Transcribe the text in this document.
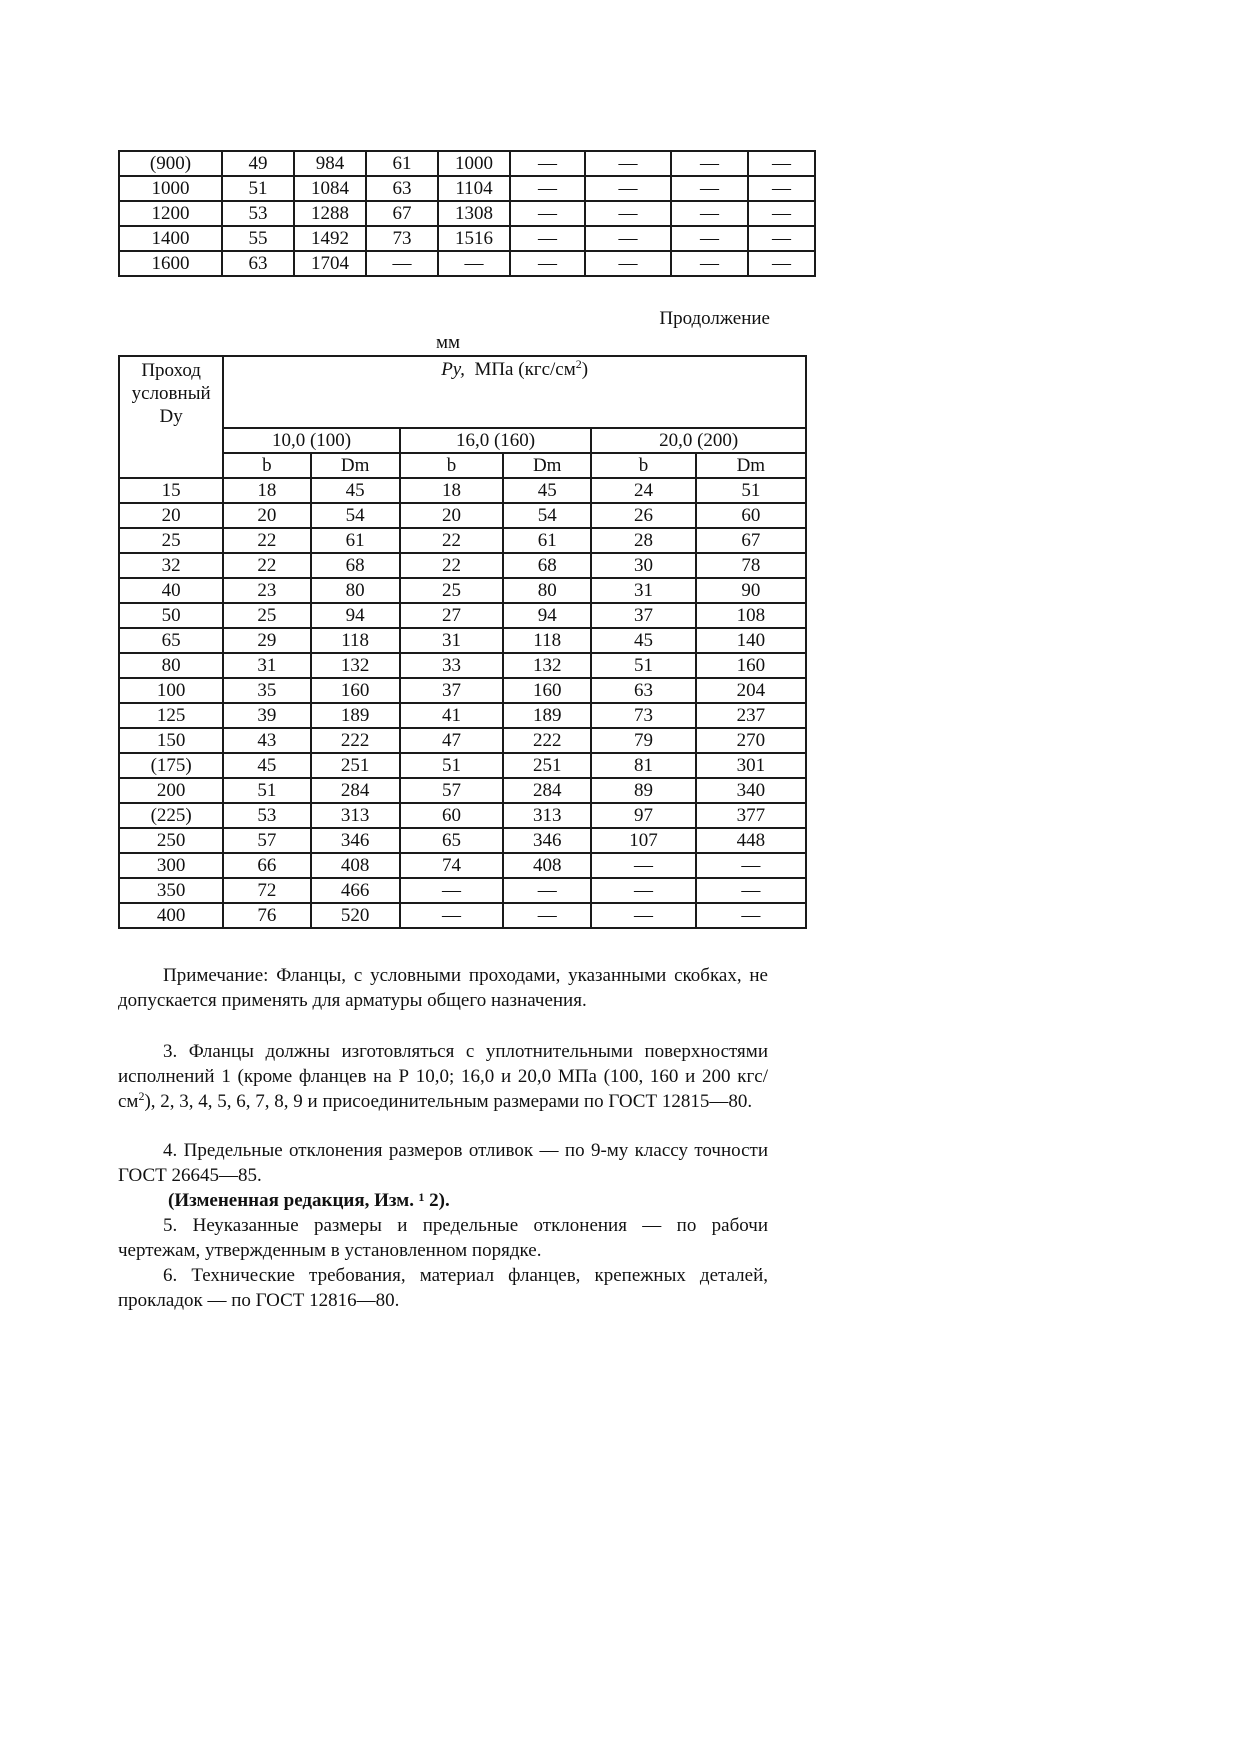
(900)	49	984	61	1000	—	—	—	—
1000	51	1084	63	1104	—	—	—	—
1200	53	1288	67	1308	—	—	—	—
1400	55	1492	73	1516	—	—	—	—
1600	63	1704	—	—	—	—	—	—
Продолжение
мм
Проход
условный
Dy	Py, МПа $(кгс/см^2)$					
	10,0 (100)		16,0 (160)		20,0 (200)	
	b	Dm	b	Dm	b	Dm
15	18	45	18	45	24	51
20	20	54	20	54	26	60
25	22	61	22	61	28	67
32	22	68	22	68	30	78
40	23	80	25	80	31	90
50	25	94	27	94	37	108
65	29	118	31	118	45	140
80	31	132	33	132	51	160
100	35	160	37	160	63	204
125	39	189	41	189	73	237
150	43	222	47	222	79	270
(175)	45	251	51	251	81	301
200	51	284	57	284	89	340
(225)	53	313	60	313	97	377
250	57	346	65	346	107	448
300	66	408	74	408	—	—
350	72	466	—	—	—	—
400	76	520	—	—	—	—

Примечание: Фланцы, с условными проходами, указанными скобках, не допускается применять для арматуры общего назначения.

3. Фланцы должны изготовляться с уплотнительными поверхностями исполнений 1 (кроме фланцев на Р 10,0; 16,0 и 20,0 МПа (100, 160 и 200 кгс/$см^2$), 2, 3, 4, 5, 6, 7, 8, 9 и присоединительным размерами по ГОСТ 12815—80.

4. Предельные отклонения размеров отливок — по 9-му классу точности ГОСТ 26645—85.

(Измененная редакция, Изм. ¹ 2).

5. Неуказанные размеры и предельные отклонения — по рабочи чертежам, утвержденным в установленном порядке.

6. Технические требования, материал фланцев, крепежных деталей, прокладок — по ГОСТ 12816—80.
